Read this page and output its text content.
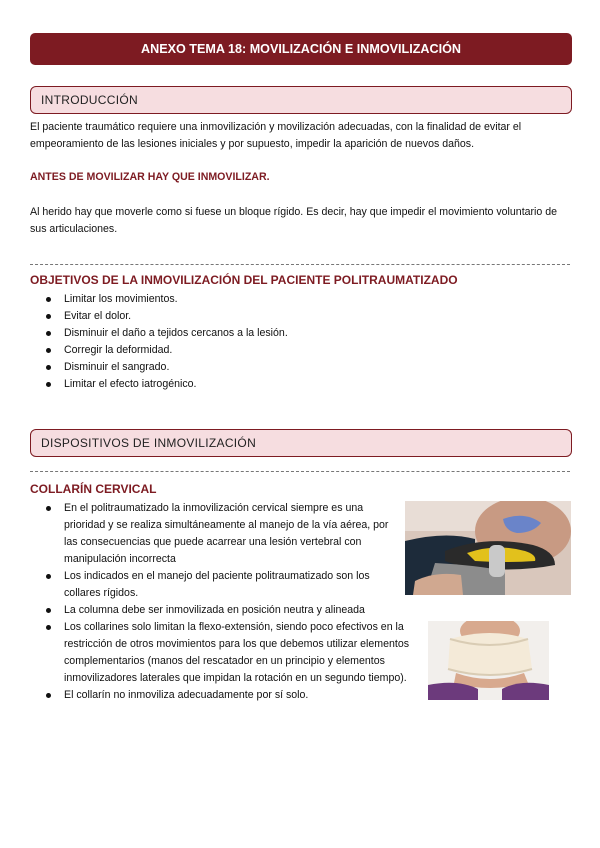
ANEXO TEMA 18: MOVILIZACIÓN E INMOVILIZACIÓN
INTRODUCCIÓN
El paciente traumático requiere una inmovilización y movilización adecuadas, con la finalidad de evitar el empeoramiento de las lesiones iniciales y por supuesto, impedir la aparición de nuevos daños.
ANTES DE MOVILIZAR HAY QUE INMOVILIZAR.
Al herido hay que moverle como si fuese un bloque rígido. Es decir, hay que impedir el movimiento voluntario de sus articulaciones.
OBJETIVOS DE LA INMOVILIZACIÓN DEL PACIENTE POLITRAUMATIZADO
Limitar los movimientos.
Evitar el dolor.
Disminuir el daño a tejidos cercanos a la lesión.
Corregir la deformidad.
Disminuir el sangrado.
Limitar el efecto iatrogénico.
DISPOSITIVOS DE INMOVILIZACIÓN
COLLARÍN CERVICAL
En el politraumatizado la inmovilización cervical siempre es una prioridad y se realiza simultáneamente al manejo de la vía aérea, por las consecuencias que puede acarrear una lesión vertebral con manipulación incorrecta
Los indicados en el manejo del paciente politraumatizado son los collares rígidos.
La columna debe ser inmovilizada en posición neutra y alineada
Los collarines solo limitan la flexo-extensión, siendo poco efectivos en la restricción de otros movimientos para los que debemos utilizar elementos complementarios (manos del rescatador en un principio y elementos inmovilizadores laterales que impidan la rotación en un segundo tiempo).
El collarín no inmoviliza adecuadamente por sí solo.
